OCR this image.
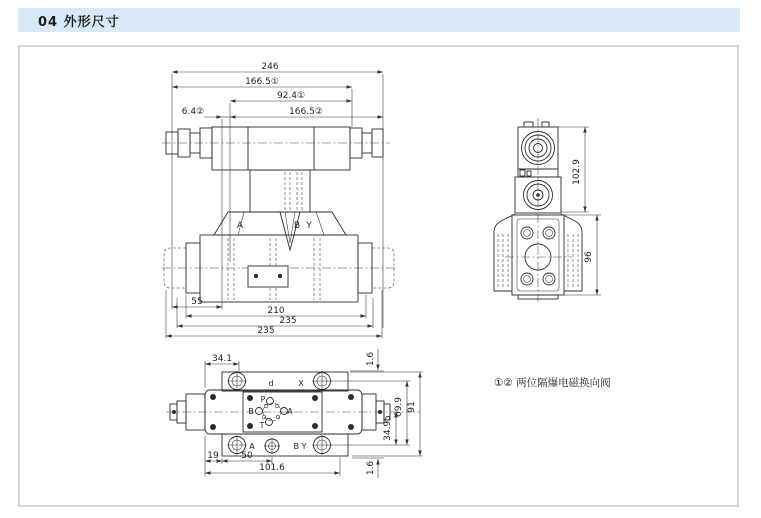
04 外形尺寸
A	B Y
246
166.5①
92.4①
6.4②	166.5②
55
210
235
235
102.9
96
d	X
A	B Y
P
B	A
T
34.1	1.6
91
69.9
34.95
1.6
19	50
101.6
①② 两位隔爆电磁换向阀
